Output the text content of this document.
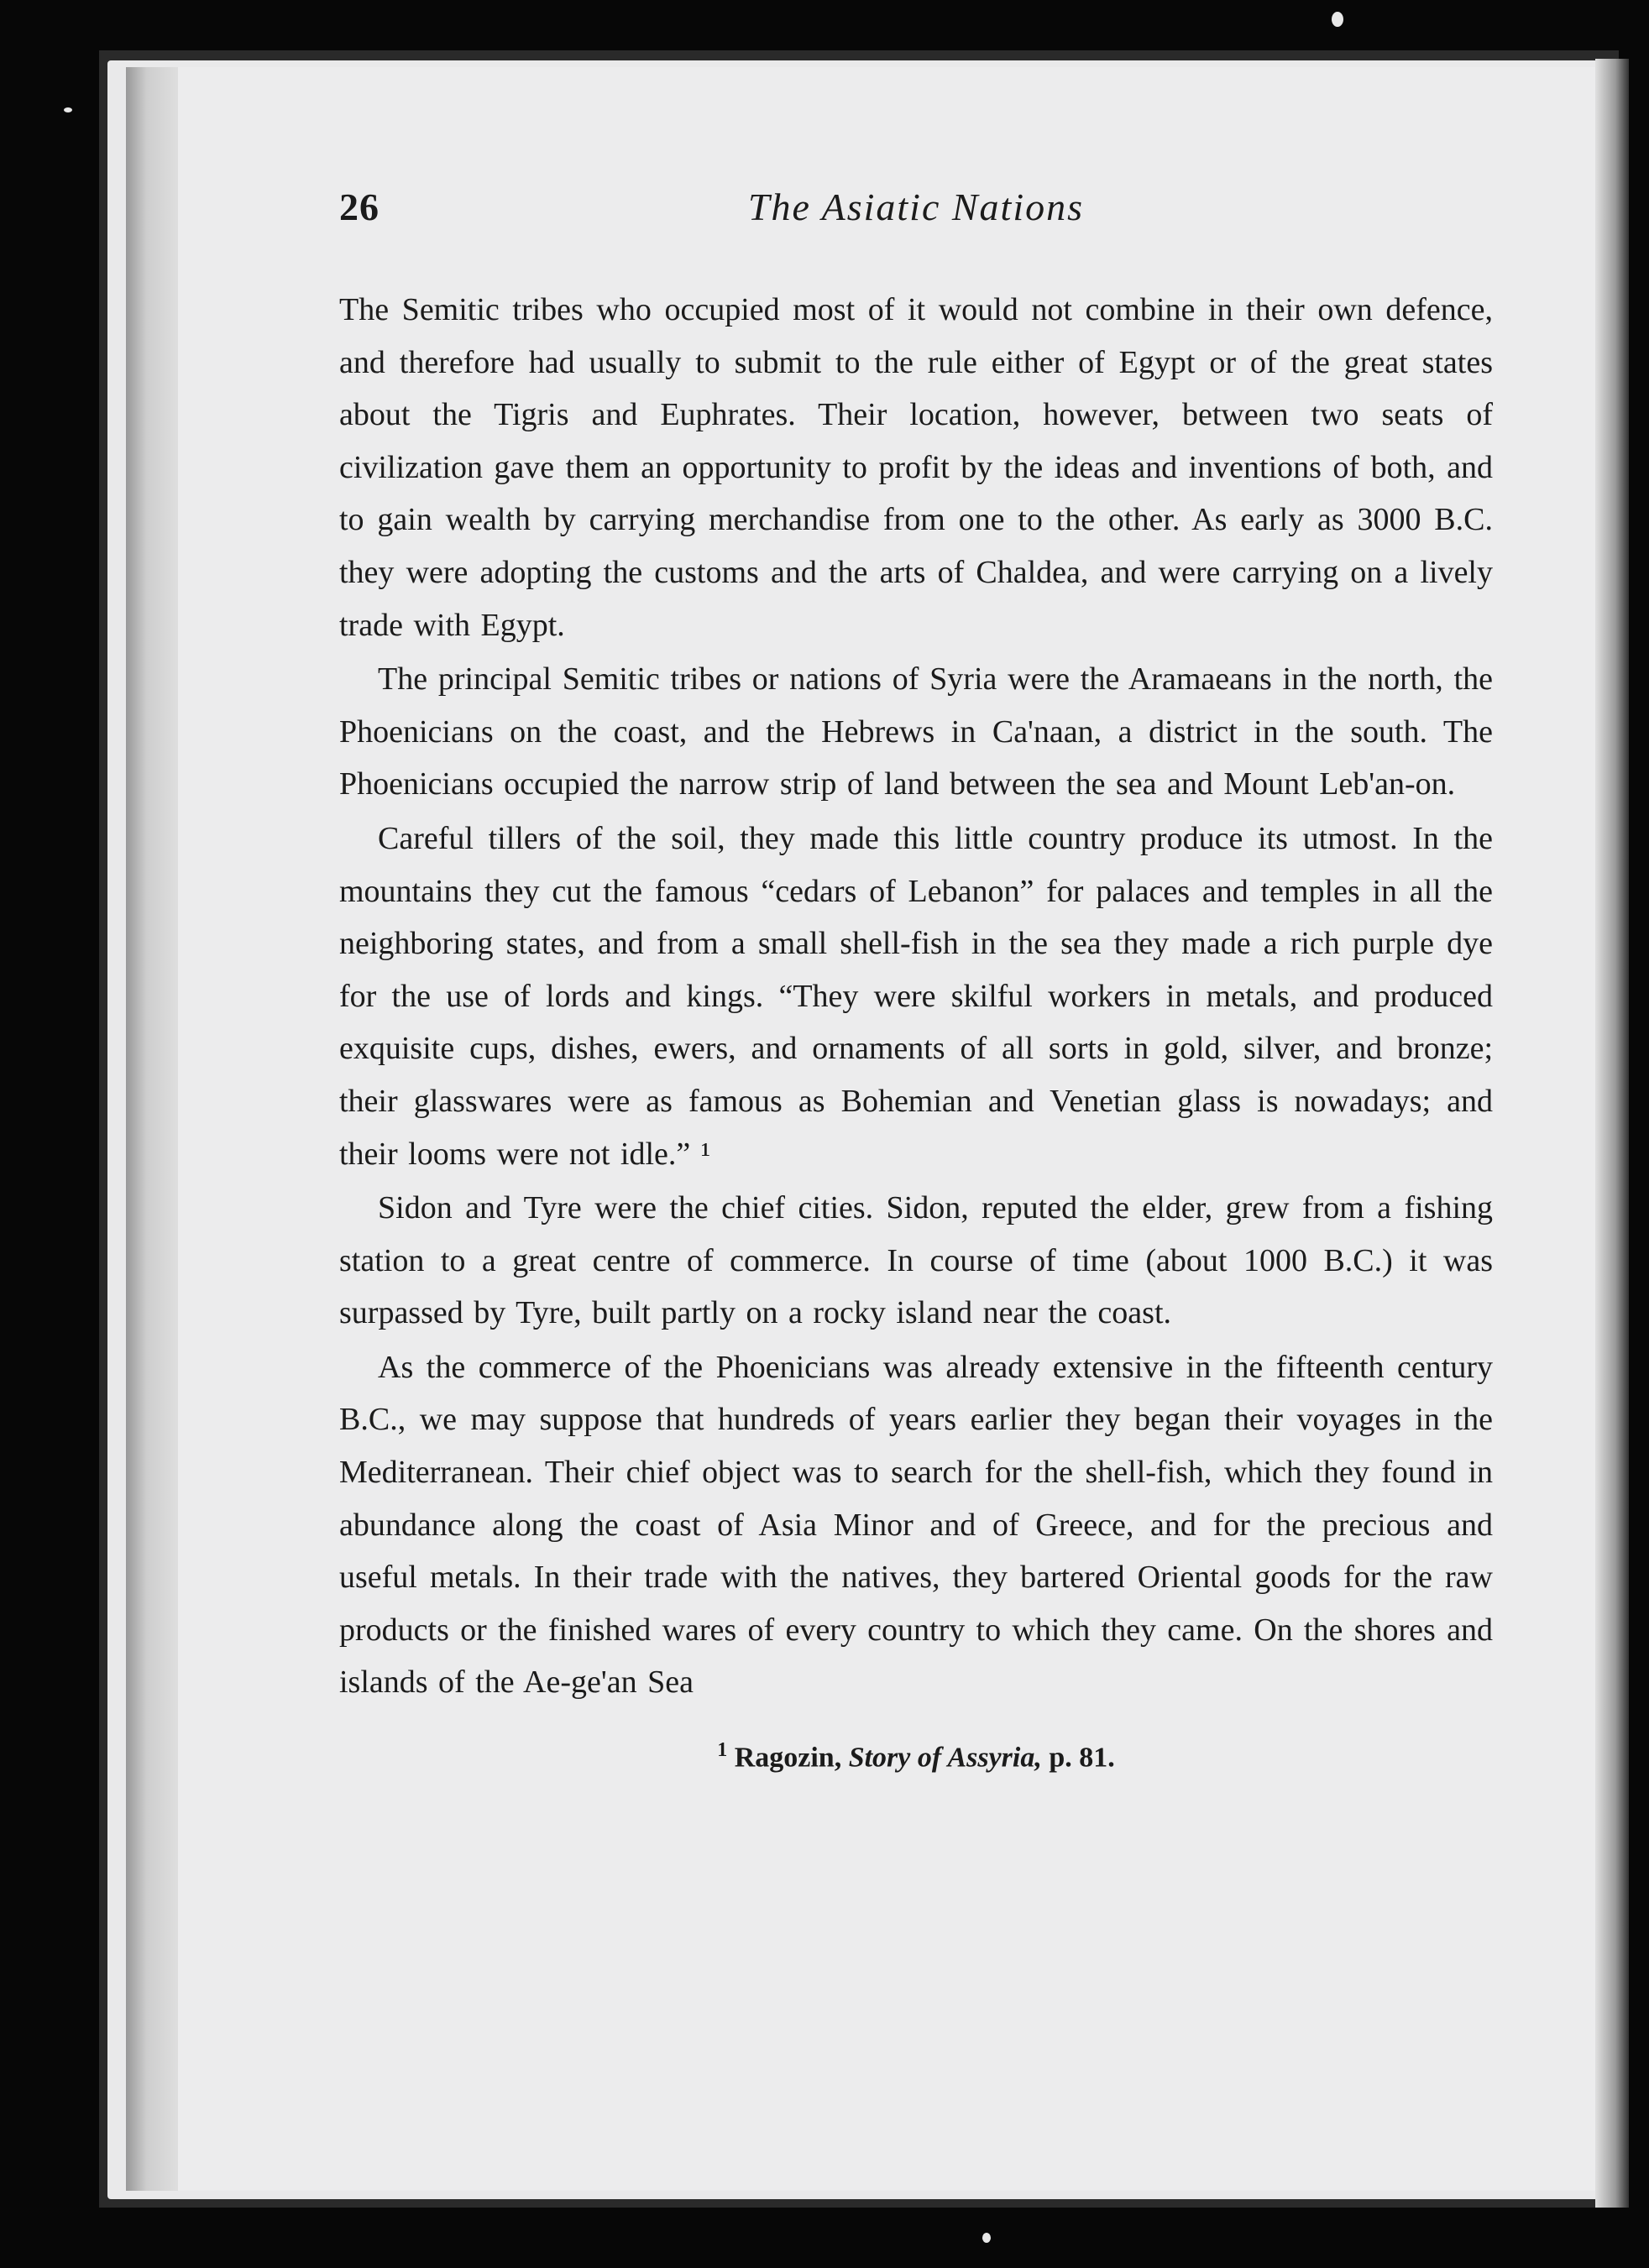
26	The Asiatic Nations

The Semitic tribes who occupied most of it would not combine in their own defence, and therefore had usually to submit to the rule either of Egypt or of the great states about the Tigris and Euphrates. Their location, however, between two seats of civilization gave them an opportunity to profit by the ideas and inventions of both, and to gain wealth by carrying merchandise from one to the other. As early as 3000 B.C. they were adopting the customs and the arts of Chaldea, and were carrying on a lively trade with Egypt.

The principal Semitic tribes or nations of Syria were the Aramaeans in the north, the Phoenicians on the coast, and the Hebrews in Ca'naan, a district in the south. The Phoenicians occupied the narrow strip of land between the sea and Mount Leb'an-on.

Careful tillers of the soil, they made this little country produce its utmost. In the mountains they cut the famous “cedars of Lebanon” for palaces and temples in all the neighboring states, and from a small shell-fish in the sea they made a rich purple dye for the use of lords and kings. “They were skilful workers in metals, and produced exquisite cups, dishes, ewers, and ornaments of all sorts in gold, silver, and bronze; their glasswares were as famous as Bohemian and Venetian glass is nowadays; and their looms were not idle.” ¹

Sidon and Tyre were the chief cities. Sidon, reputed the elder, grew from a fishing station to a great centre of commerce. In course of time (about 1000 B.C.) it was surpassed by Tyre, built partly on a rocky island near the coast.

As the commerce of the Phoenicians was already extensive in the fifteenth century B.C., we may suppose that hundreds of years earlier they began their voyages in the Mediterranean. Their chief object was to search for the shell-fish, which they found in abundance along the coast of Asia Minor and of Greece, and for the precious and useful metals. In their trade with the natives, they bartered Oriental goods for the raw products or the finished wares of every country to which they came. On the shores and islands of the Ae-ge'an Sea

$^1$ Ragozin, Story of Assyria, p. 81.
